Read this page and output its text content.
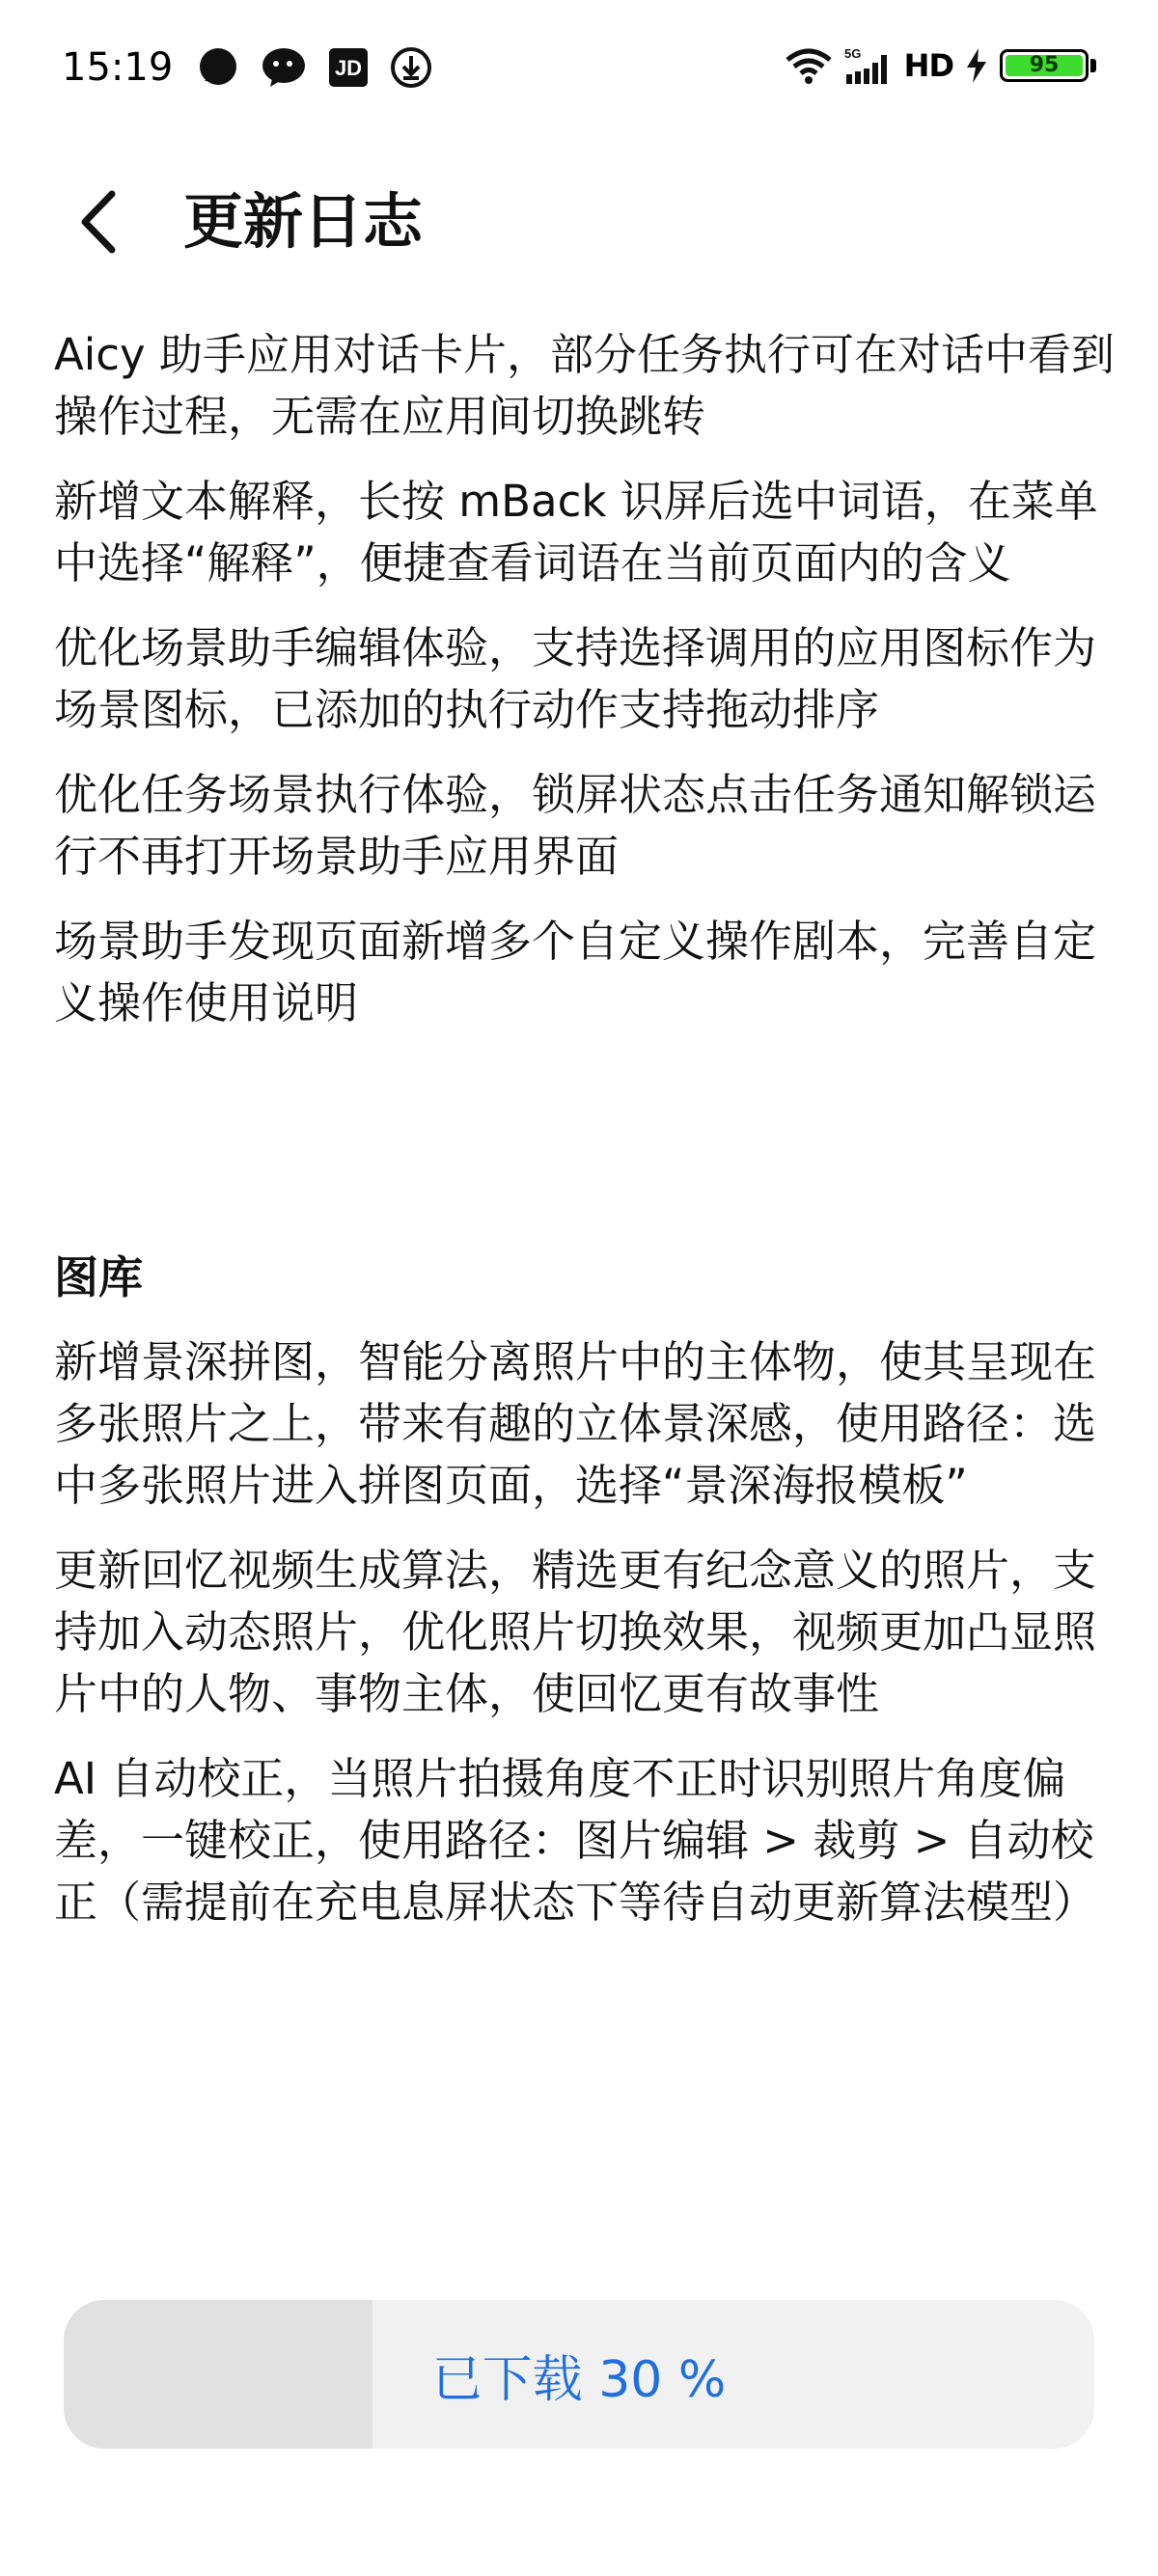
15:19	JD
5G HD	95
更新日志

Aicy 助手应用对话卡片，部分任务执行可在对话中看到操作过程，无需在应用间切换跳转

新增文本解释，长按 mBack 识屏后选中词语，在菜单中选择“解释”，便捷查看词语在当前页面内的含义

优化场景助手编辑体验，支持选择调用的应用图标作为场景图标，已添加的执行动作支持拖动排序

优化任务场景执行体验，锁屏状态点击任务通知解锁运行不再打开场景助手应用界面

场景助手发现页面新增多个自定义操作剧本，完善自定义操作使用说明

图库

新增景深拼图，智能分离照片中的主体物，使其呈现在多张照片之上，带来有趣的立体景深感，使用路径：选中多张照片进入拼图页面，选择“景深海报模板”

更新回忆视频生成算法，精选更有纪念意义的照片，支持加入动态照片，优化照片切换效果，视频更加凸显照片中的人物、事物主体，使回忆更有故事性

AI 自动校正，当照片拍摄角度不正时识别照片角度偏差，一键校正，使用路径：图片编辑 > 裁剪 > 自动校正（需提前在充电息屏状态下等待自动更新算法模型）

已下载 30 %
